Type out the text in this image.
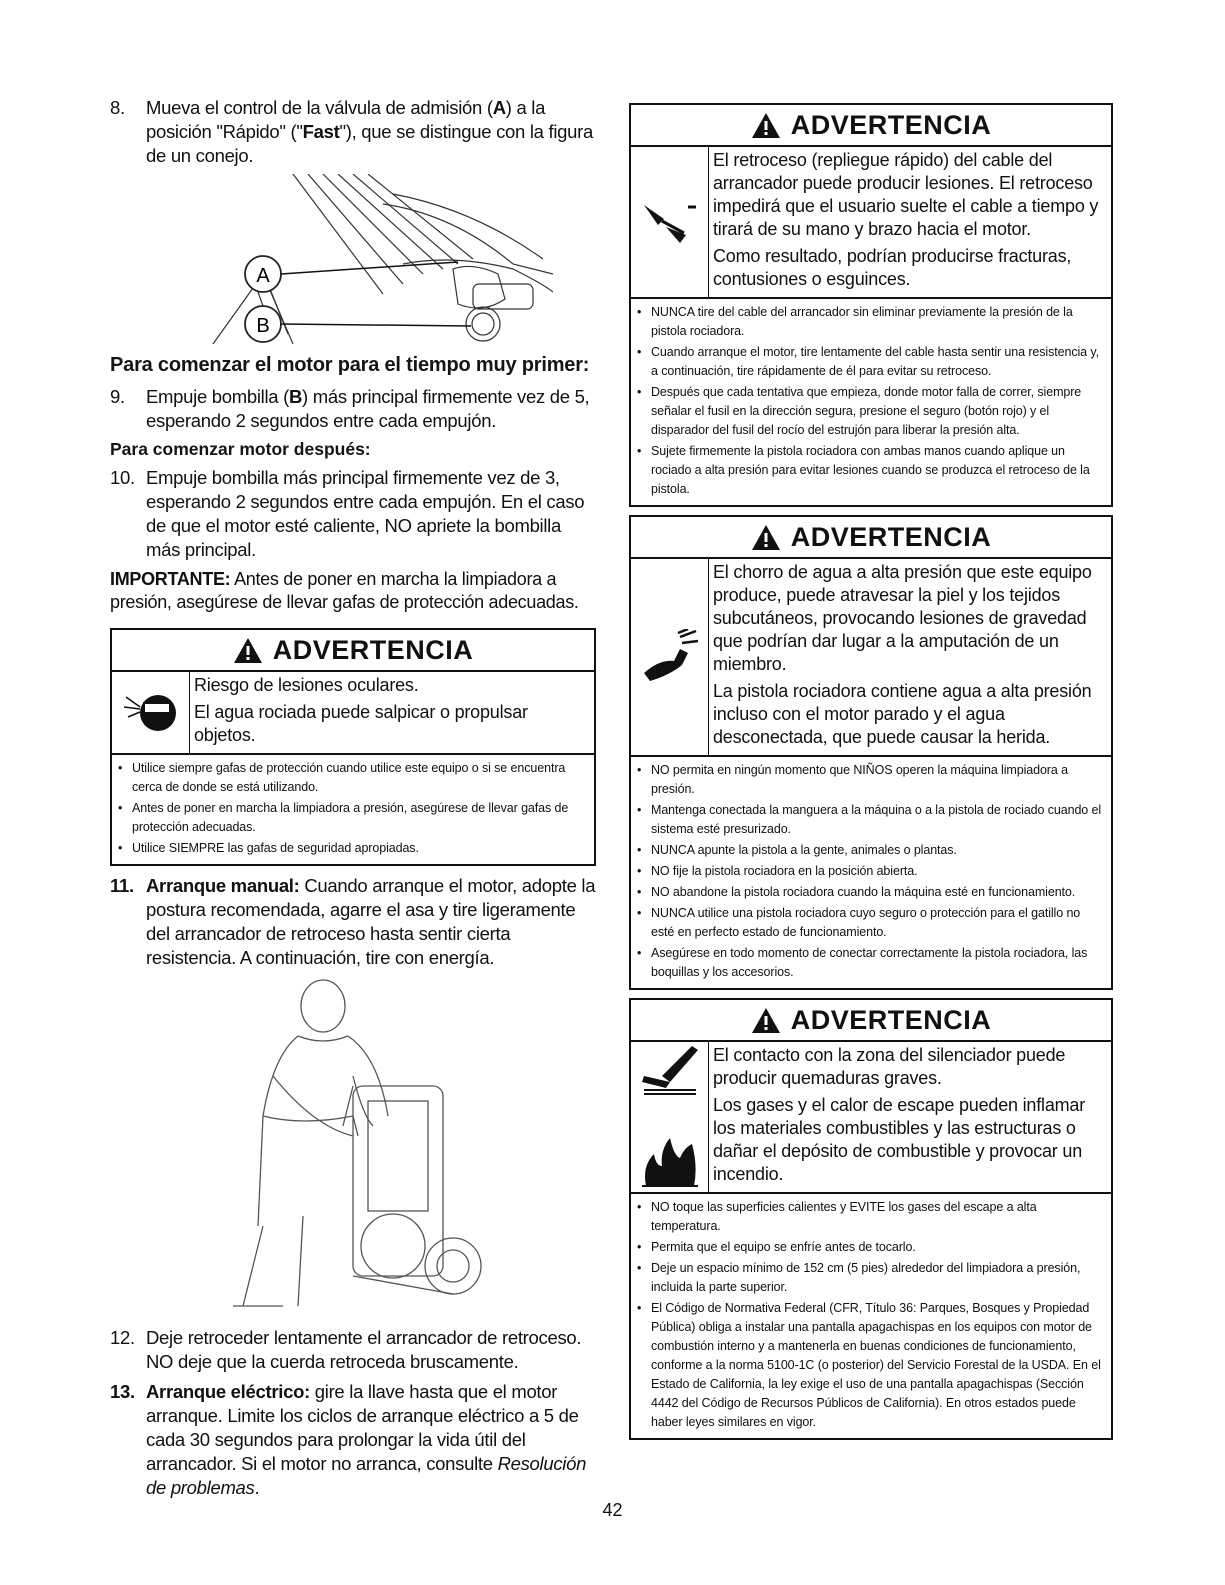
8.	Mueva el control de la válvula de admisión (A) a la posición "Rápido" ("Fast"), que se distingue con la figura de un conejo.
A
B
Para comenzar el motor para el tiempo muy primer:
9.	Empuje bombilla (B) más principal firmemente vez de 5, esperando 2 segundos entre cada empujón.
Para comenzar motor después:
10. Empuje bombilla más principal firmemente vez de 3, esperando 2 segundos entre cada empujón. En el caso de que el motor esté caliente, NO apriete la bombilla más principal.

IMPORTANTE: Antes de poner en marcha la limpiadora a presión, asegúrese de llevar gafas de protección adecuadas.

ADVERTENCIA

Riesgo de lesiones oculares.

El agua rociada puede salpicar o propulsar objetos.

• Utilice siempre gafas de protección cuando utilice este equipo o si se encuentra cerca de donde se está utilizando.
• Antes de poner en marcha la limpiadora a presión, asegúrese de llevar gafas de protección adecuadas.
• Utilice SIEMPRE las gafas de seguridad apropiadas.
11. Arranque manual: Cuando arranque el motor, adopte la postura recomendada, agarre el asa y tire ligeramente del arrancador de retroceso hasta sentir cierta resistencia. A continuación, tire con energía.
12. Deje retroceder lentamente el arrancador de retroceso. NO deje que la cuerda retroceda bruscamente.
13. Arranque eléctrico: gire la llave hasta que el motor arranque. Limite los ciclos de arranque eléctrico a 5 de cada 30 segundos para prolongar la vida útil del arrancador. Si el motor no arranca, consulte Resolución de problemas.
ADVERTENCIA

El retroceso (repliegue rápido) del cable del arrancador puede producir lesiones. El retroceso impedirá que el usuario suelte el cable a tiempo y tirará de su mano y brazo hacia el motor.

Como resultado, podrían producirse fracturas, contusiones o esguinces.

• NUNCA tire del cable del arrancador sin eliminar previamente la presión de la pistola rociadora.
• Cuando arranque el motor, tire lentamente del cable hasta sentir una resistencia y, a continuación, tire rápidamente de él para evitar su retroceso.
• Después que cada tentativa que empieza, donde motor falla de correr, siempre señalar el fusil en la dirección segura, presione el seguro (botón rojo) y el disparador del fusil del rocío del estrujón para liberar la presión alta.
• Sujete firmemente la pistola rociadora con ambas manos cuando aplique un rociado a alta presión para evitar lesiones cuando se produzca el retroceso de la pistola.
ADVERTENCIA

El chorro de agua a alta presión que este equipo produce, puede atravesar la piel y los tejidos subcutáneos, provocando lesiones de gravedad que podrían dar lugar a la amputación de un miembro.

La pistola rociadora contiene agua a alta presión incluso con el motor parado y el agua desconectada, que puede causar la herida.

• NO permita en ningún momento que NIÑOS operen la máquina limpiadora a presión.
• Mantenga conectada la manguera a la máquina o a la pistola de rociado cuando el sistema esté presurizado.
• NUNCA apunte la pistola a la gente, animales o plantas.
• NO fije la pistola rociadora en la posición abierta.
• NO abandone la pistola rociadora cuando la máquina esté en funcionamiento.
• NUNCA utilice una pistola rociadora cuyo seguro o protección para el gatillo no esté en perfecto estado de funcionamiento.
• Asegúrese en todo momento de conectar correctamente la pistola rociadora, las boquillas y los accesorios.
ADVERTENCIA

El contacto con la zona del silenciador puede producir quemaduras graves.

Los gases y el calor de escape pueden inflamar los materiales combustibles y las estructuras o dañar el depósito de combustible y provocar un incendio.

• NO toque las superficies calientes y EVITE los gases del escape a alta temperatura.
• Permita que el equipo se enfríe antes de tocarlo.
• Deje un espacio mínimo de 152 cm (5 pies) alrededor del limpiadora a presión, incluida la parte superior.
• El Código de Normativa Federal (CFR, Título 36: Parques, Bosques y Propiedad Pública) obliga a instalar una pantalla apagachispas en los equipos con motor de combustión interno y a mantenerla en buenas condiciones de funcionamiento, conforme a la norma 5100-1C (o posterior) del Servicio Forestal de la USDA. En el Estado de California, la ley exige el uso de una pantalla apagachispas (Sección 4442 del Código de Recursos Públicos de California). En otros estados puede haber leyes similares en vigor.
42
